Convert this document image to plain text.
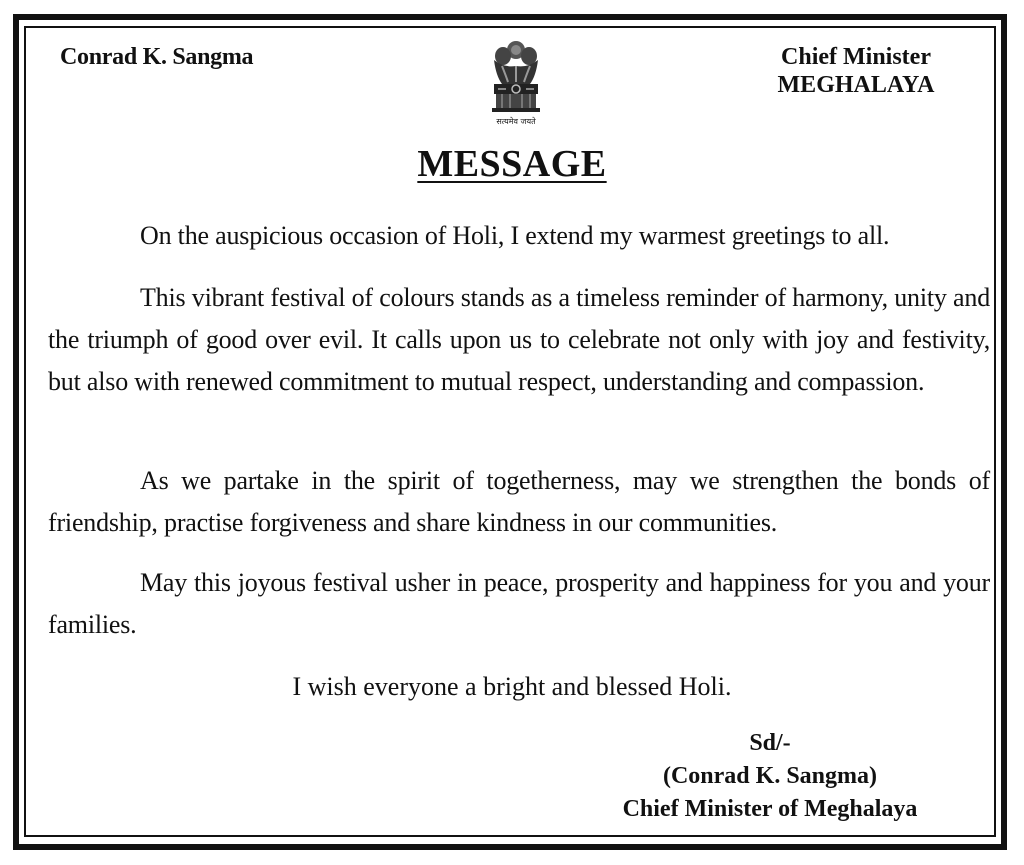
Conrad K. Sangma
सत्यमेव जयते
Chief Minister
MEGHALAYA
MESSAGE

On the auspicious occasion of Holi, I extend my warmest greetings to all.

This vibrant festival of colours stands as a timeless reminder of harmony, unity and the triumph of good over evil. It calls upon us to celebrate not only with joy and festivity, but also with renewed commitment to mutual respect, understanding and compassion.

As we partake in the spirit of togetherness, may we strengthen the bonds of friendship, practise forgiveness and share kindness in our communities.

May this joyous festival usher in peace, prosperity and happiness for you and your families.

I wish everyone a bright and blessed Holi.
Sd/-
(Conrad K. Sangma)
Chief Minister of Meghalaya
